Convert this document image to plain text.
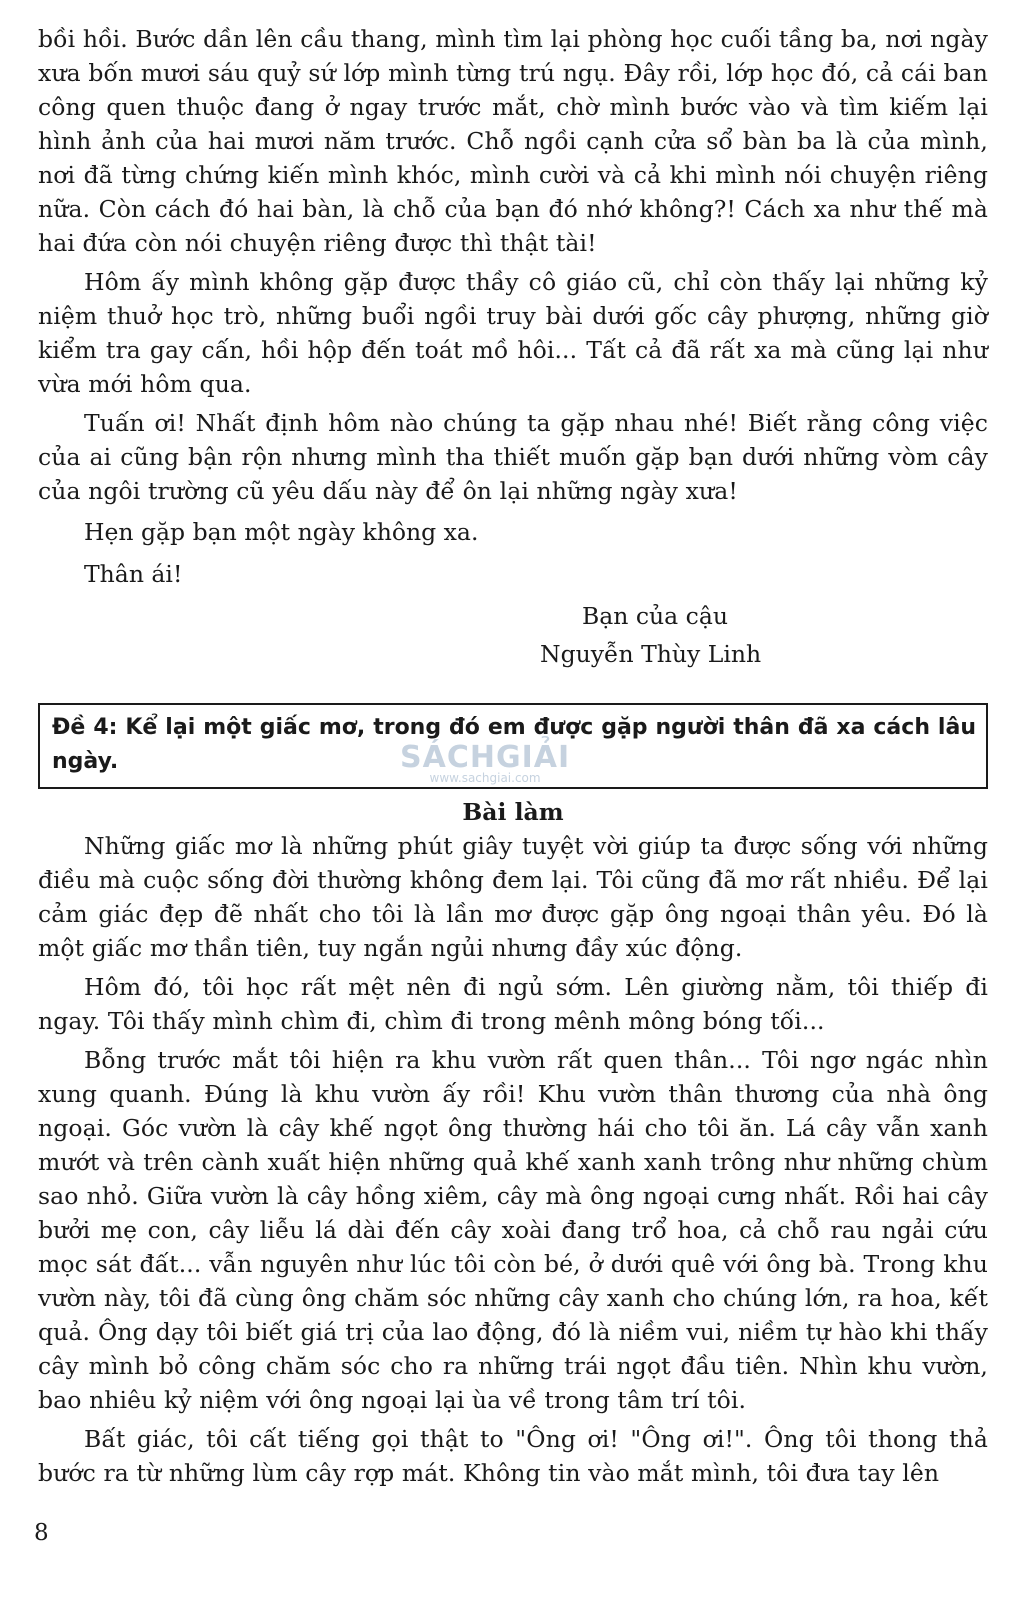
bồi hồi. Bước dần lên cầu thang, mình tìm lại phòng học cuối tầng ba, nơi ngày xưa bốn mươi sáu quỷ sứ lớp mình từng trú ngụ. Đây rồi, lớp học đó, cả cái ban công quen thuộc đang ở ngay trước mắt, chờ mình bước vào và tìm kiếm lại hình ảnh của hai mươi năm trước. Chỗ ngồi cạnh cửa sổ bàn ba là của mình, nơi đã từng chứng kiến mình khóc, mình cười và cả khi mình nói chuyện riêng nữa. Còn cách đó hai bàn, là chỗ của bạn đó nhớ không?! Cách xa như thế mà hai đứa còn nói chuyện riêng được thì thật tài!

Hôm ấy mình không gặp được thầy cô giáo cũ, chỉ còn thấy lại những kỷ niệm thuở học trò, những buổi ngồi truy bài dưới gốc cây phượng, những giờ kiểm tra gay cấn, hồi hộp đến toát mồ hôi... Tất cả đã rất xa mà cũng lại như vừa mới hôm qua.

Tuấn ơi! Nhất định hôm nào chúng ta gặp nhau nhé! Biết rằng công việc của ai cũng bận rộn nhưng mình tha thiết muốn gặp bạn dưới những vòm cây của ngôi trường cũ yêu dấu này để ôn lại những ngày xưa!

Hẹn gặp bạn một ngày không xa.

Thân ái!

Bạn của cậu
Nguyễn Thùy Linh
Đề 4: Kể lại một giấc mơ, trong đó em được gặp người thân đã xa cách lâu ngày.
Bài làm

Những giấc mơ là những phút giây tuyệt vời giúp ta được sống với những điều mà cuộc sống đời thường không đem lại. Tôi cũng đã mơ rất nhiều. Để lại cảm giác đẹp đẽ nhất cho tôi là lần mơ được gặp ông ngoại thân yêu. Đó là một giấc mơ thần tiên, tuy ngắn ngủi nhưng đầy xúc động.

Hôm đó, tôi học rất mệt nên đi ngủ sớm. Lên giường nằm, tôi thiếp đi ngay. Tôi thấy mình chìm đi, chìm đi trong mênh mông bóng tối...

Bỗng trước mắt tôi hiện ra khu vườn rất quen thân... Tôi ngơ ngác nhìn xung quanh. Đúng là khu vườn ấy rồi! Khu vườn thân thương của nhà ông ngoại. Góc vườn là cây khế ngọt ông thường hái cho tôi ăn. Lá cây vẫn xanh mướt và trên cành xuất hiện những quả khế xanh xanh trông như những chùm sao nhỏ. Giữa vườn là cây hồng xiêm, cây mà ông ngoại cưng nhất. Rồi hai cây bưởi mẹ con, cây liễu lá dài đến cây xoài đang trổ hoa, cả chỗ rau ngải cứu mọc sát đất... vẫn nguyên như lúc tôi còn bé, ở dưới quê với ông bà. Trong khu vườn này, tôi đã cùng ông chăm sóc những cây xanh cho chúng lớn, ra hoa, kết quả. Ông dạy tôi biết giá trị của lao động, đó là niềm vui, niềm tự hào khi thấy cây mình bỏ công chăm sóc cho ra những trái ngọt đầu tiên. Nhìn khu vườn, bao nhiêu kỷ niệm với ông ngoại lại ùa về trong tâm trí tôi.

Bất giác, tôi cất tiếng gọi thật to "Ông ơi! "Ông ơi!". Ông tôi thong thả bước ra từ những lùm cây rợp mát. Không tin vào mắt mình, tôi đưa tay lên

SÁCHGIẢI
www.sachgiai.com
8
